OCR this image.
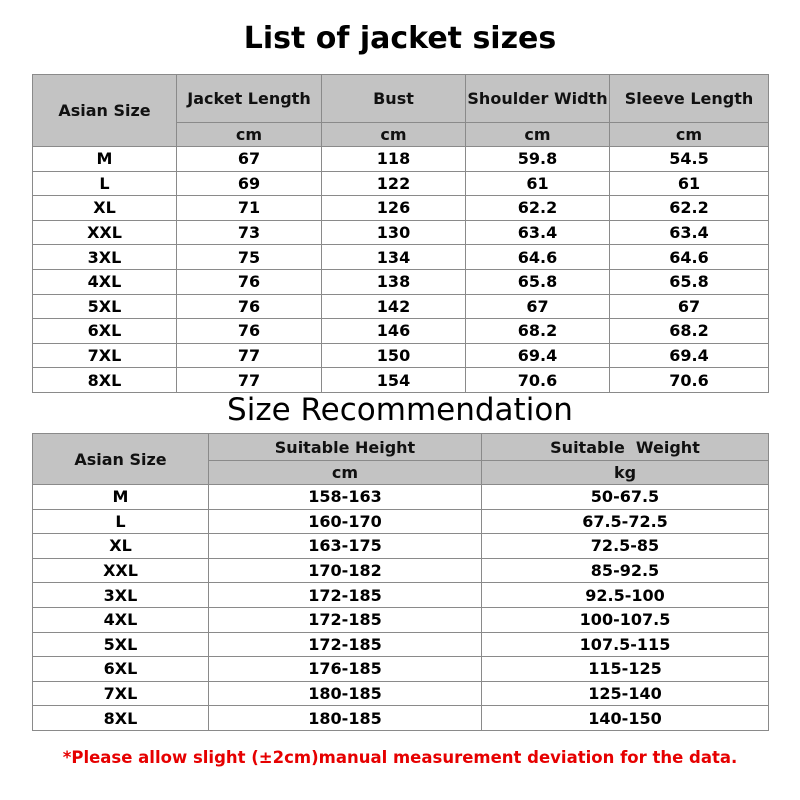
List of jacket sizes
Asian Size	Jacket Length	Bust	Shoulder Width	Sleeve Length
	cm	cm	cm	cm
M	67	118	59.8	54.5
L	69	122	61	61
XL	71	126	62.2	62.2
XXL	73	130	63.4	63.4
3XL	75	134	64.6	64.6
4XL	76	138	65.8	65.8
5XL	76	142	67	67
6XL	76	146	68.2	68.2
7XL	77	150	69.4	69.4
8XL	77	154	70.6	70.6
Size Recommendation
Asian Size	Suitable Height	Suitable  Weight
	cm	kg
M	158-163	50-67.5
L	160-170	67.5-72.5
XL	163-175	72.5-85
XXL	170-182	85-92.5
3XL	172-185	92.5-100
4XL	172-185	100-107.5
5XL	172-185	107.5-115
6XL	176-185	115-125
7XL	180-185	125-140
8XL	180-185	140-150
*Please allow slight (±2cm)manual measurement deviation for the data.
